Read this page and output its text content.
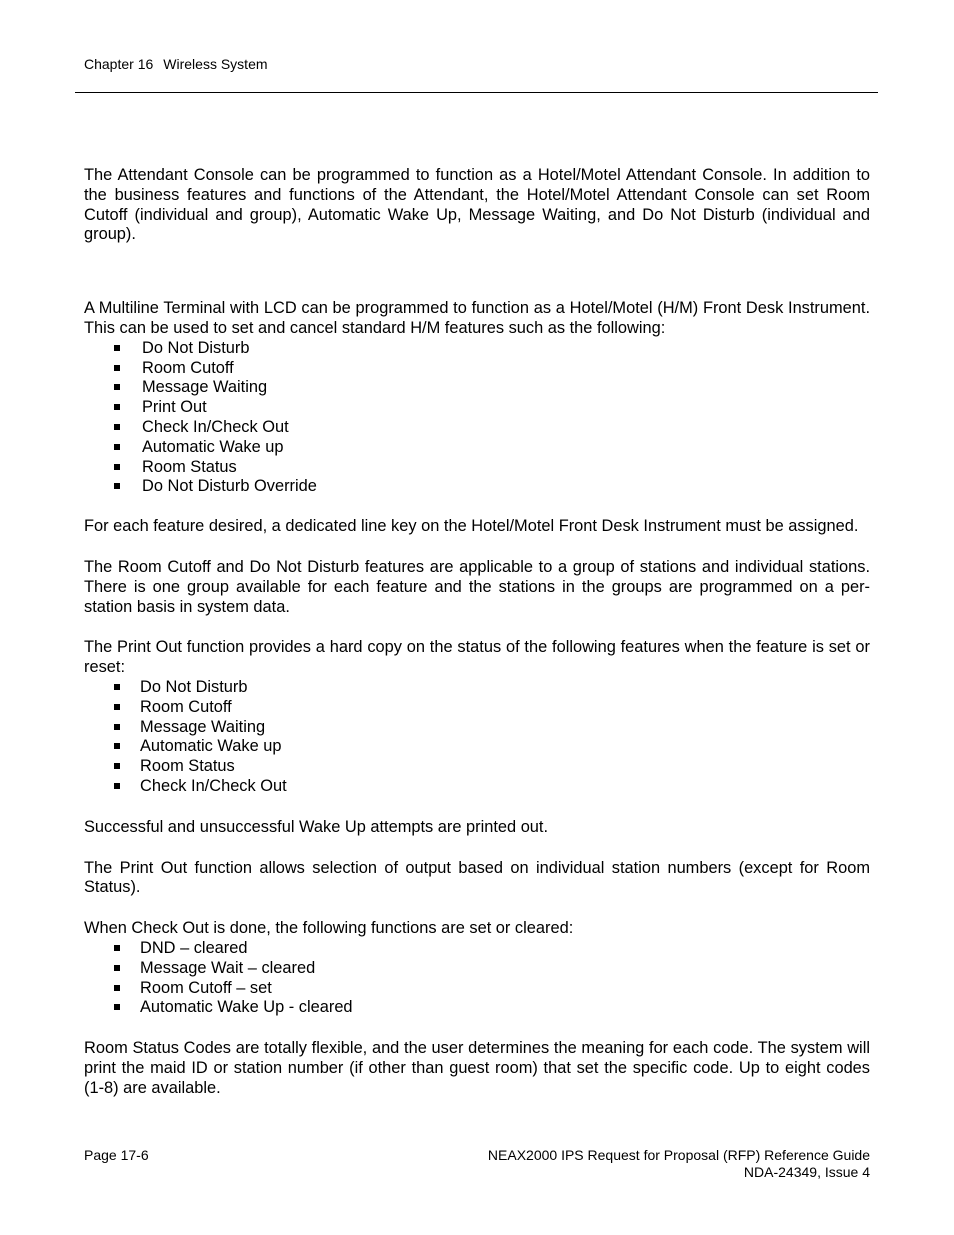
Chapter 16 Wireless System

The Attendant Console can be programmed to function as a Hotel/Motel Attendant Console. In addition to the business features and functions of the Attendant, the Hotel/Motel Attendant Console can set Room Cutoff (individual and group), Automatic Wake Up, Message Waiting, and Do Not Disturb (individual and group).

A Multiline Terminal with LCD can be programmed to function as a Hotel/Motel (H/M) Front Desk Instrument. This can be used to set and cancel standard H/M features such as the following:

Do Not Disturb
Room Cutoff
Message Waiting
Print Out
Check In/Check Out
Automatic Wake up
Room Status
Do Not Disturb Override

For each feature desired, a dedicated line key on the Hotel/Motel Front Desk Instrument must be assigned.

The Room Cutoff and Do Not Disturb features are applicable to a group of stations and individual stations. There is one group available for each feature and the stations in the groups are programmed on a per-station basis in system data.

The Print Out function provides a hard copy on the status of the following features when the feature is set or reset:

Do Not Disturb
Room Cutoff
Message Waiting
Automatic Wake up
Room Status
Check In/Check Out

Successful and unsuccessful Wake Up attempts are printed out.

The Print Out function allows selection of output based on individual station numbers (except for Room Status).

When Check Out is done, the following functions are set or cleared:

DND – cleared
Message Wait – cleared
Room Cutoff – set
Automatic Wake Up - cleared

Room Status Codes are totally flexible, and the user determines the meaning for each code. The system will print the maid ID or station number (if other than guest room) that set the specific code. Up to eight codes (1-8) are available.

Page 17-6	NEAX2000 IPS Request for Proposal (RFP) Reference Guide
NDA-24349, Issue 4
